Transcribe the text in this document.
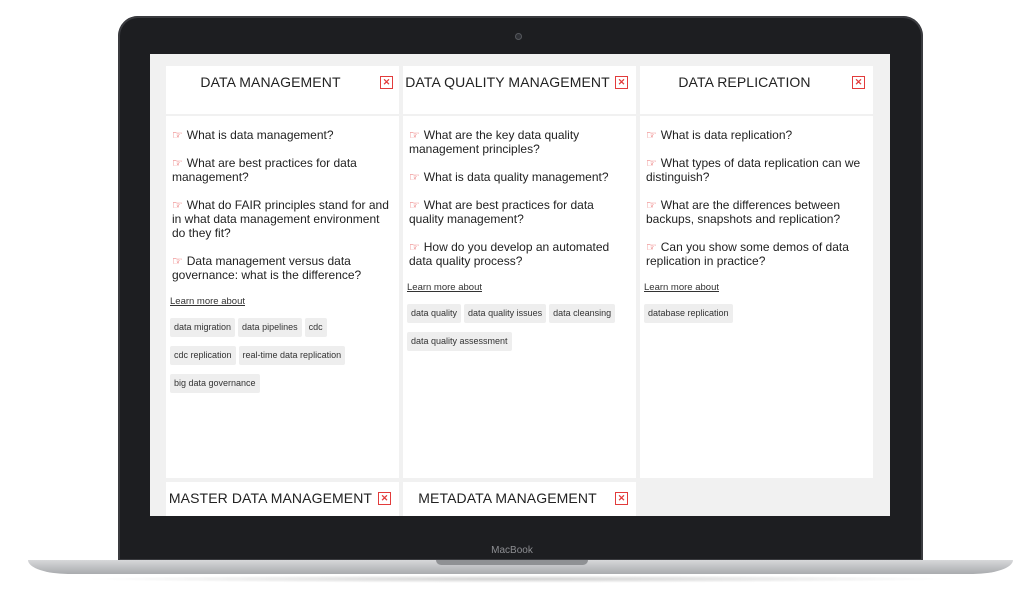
DATA MANAGEMENT	✕
☞ What is data management?
☞ What are best practices for data management?
☞ What do FAIR principles stand for and in what data management environment do they fit?
☞ Data management versus data governance: what is the difference?
Learn more about
data migration data pipelines cdccdc replication real-time data replicationbig data governance
DATA QUALITY MANAGEMENT ✕
☞ What are the key data quality management principles?
☞ What is data quality management?
☞ What are best practices for data quality management?
☞ How do you develop an automated data quality process?
Learn more about
data quality data quality issues data cleansingdata quality assessment
DATA REPLICATION	✕
☞ What is data replication?
☞ What types of data replication can we distinguish?
☞ What are the differences between backups, snapshots and replication?
☞ Can you show some demos of data replication in practice?
Learn more about
database replication
MASTER DATA MANAGEMENT ✕	METADATA MANAGEMENT	✕
MacBook
